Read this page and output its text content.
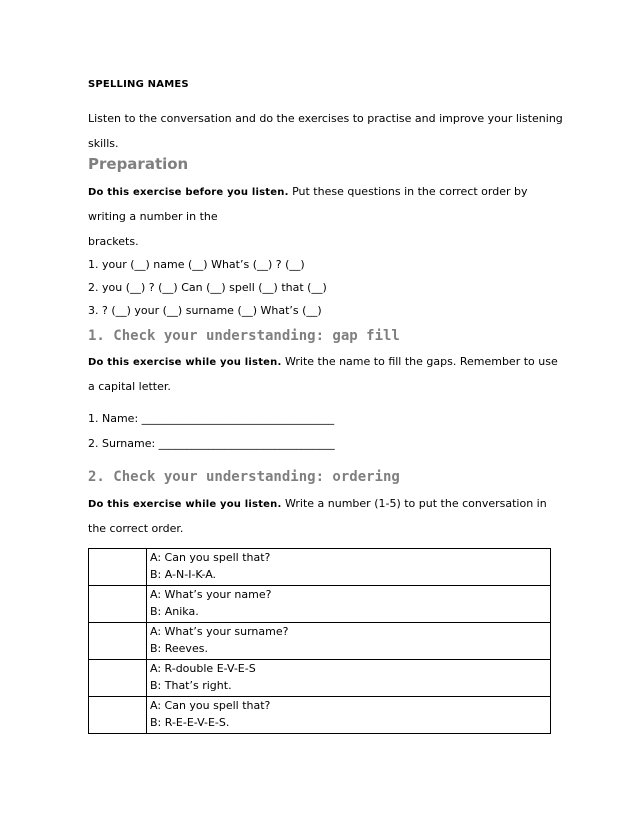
SPELLING NAMES
Listen to the conversation and do the exercises to practise and improve your listening
skills.
Preparation
Do this exercise before you listen. Put these questions in the correct order by
writing a number in the
brackets.
1. your (__) name (__) What’s (__) ? (__)
2. you (__) ? (__) Can (__) spell (__) that (__)
3. ? (__) your (__) surname (__) What’s (__)
1. Check your understanding: gap fill
Do this exercise while you listen. Write the name to fill the gaps. Remember to use
a capital letter.
1. Name: ___________________________________
2. Surname: ________________________________
2. Check your understanding: ordering
Do this exercise while you listen. Write a number (1-5) to put the conversation in
the correct order.

	A: Can you spell that?
B: A-N-I-K-A.

	A: What’s your name?
B: Anika.

	A: What’s your surname?
B: Reeves.

	A: R-double E-V-E-S
B: That’s right.

	A: Can you spell that?
B: R-E-E-V-E-S.
